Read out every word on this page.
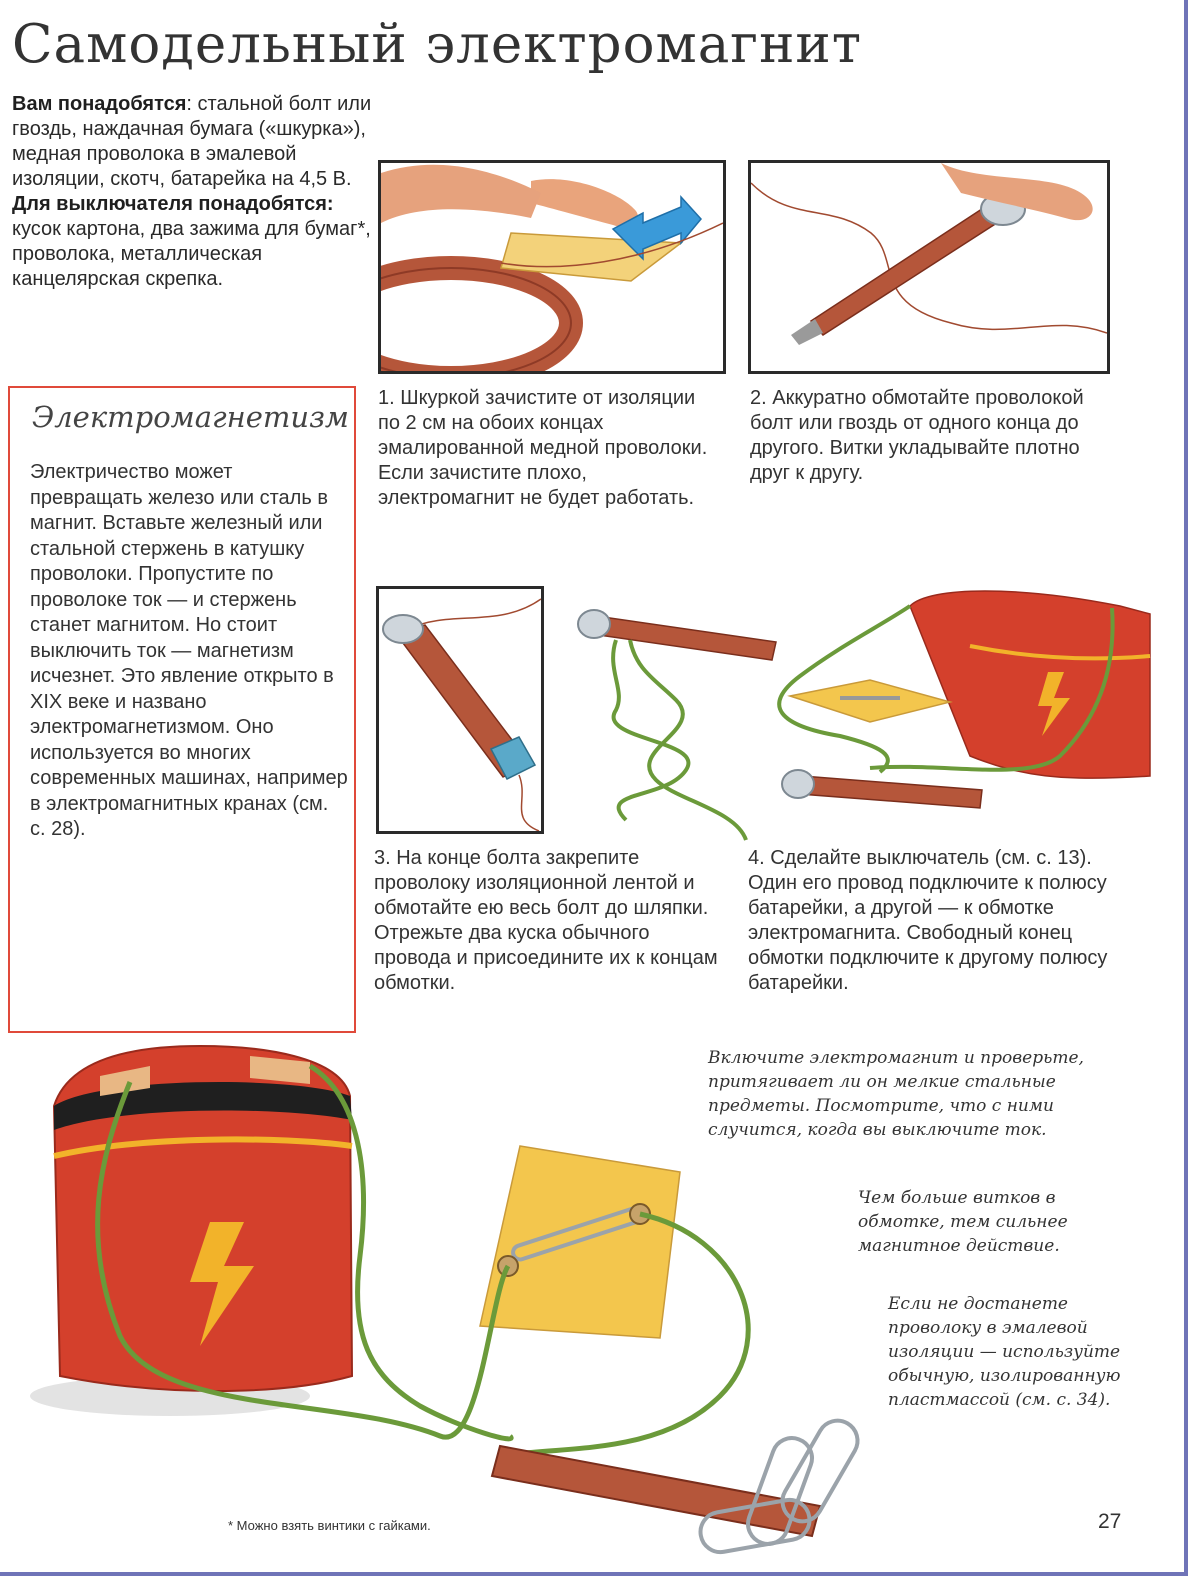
Самодельный электромагнит

Вам понадобятся: стальной болт или гвоздь, наждачная бумага («шкурка»), медная проволока в эмалевой изоляции, скотч, батарейка на 4,5 В.

Для выключателя понадобятся: кусок картона, два зажима для бумаг*, проволока, металлическая канцелярская скрепка.

Электромагнетизм

Электричество может превращать железо или сталь в магнит. Вставьте железный или стальной стержень в катушку проволоки. Пропустите по проволоке ток — и стержень станет магнитом. Но стоит выключить ток — магнетизм исчезнет. Это явление открыто в XIX веке и названо электромагнетизмом. Оно используется во многих современных машинах, например в электромагнитных кранах (см. с. 28).

1. Шкуркой зачистите от изоляции по 2 см на обоих концах эмалированной медной проволоки. Если зачистите плохо, электромагнит не будет работать.

2. Аккуратно обмотайте проволокой болт или гвоздь от одного конца до другого. Витки укладывайте плотно друг к другу.

3. На конце болта закрепите проволоку изоляционной лентой и обмотайте ею весь болт до шляпки. Отрежьте два куска обычного провода и присоедините их к концам обмотки.

4. Сделайте выключатель (см. с. 13). Один его провод подключите к полюсу батарейки, а другой — к обмотке электромагнита. Свободный конец обмотки подключите к другому полюсу батарейки.

Включите электромагнит и проверьте, притягивает ли он мелкие стальные предметы. Посмотрите, что с ними случится, когда вы выключите ток.

Чем больше витков в обмотке, тем сильнее магнитное действие.

Если не достанете проволоку в эмалевой изоляции — используйте обычную, изолированную пластмассой (см. с. 34).

* Можно взять винтики с гайками.	27
